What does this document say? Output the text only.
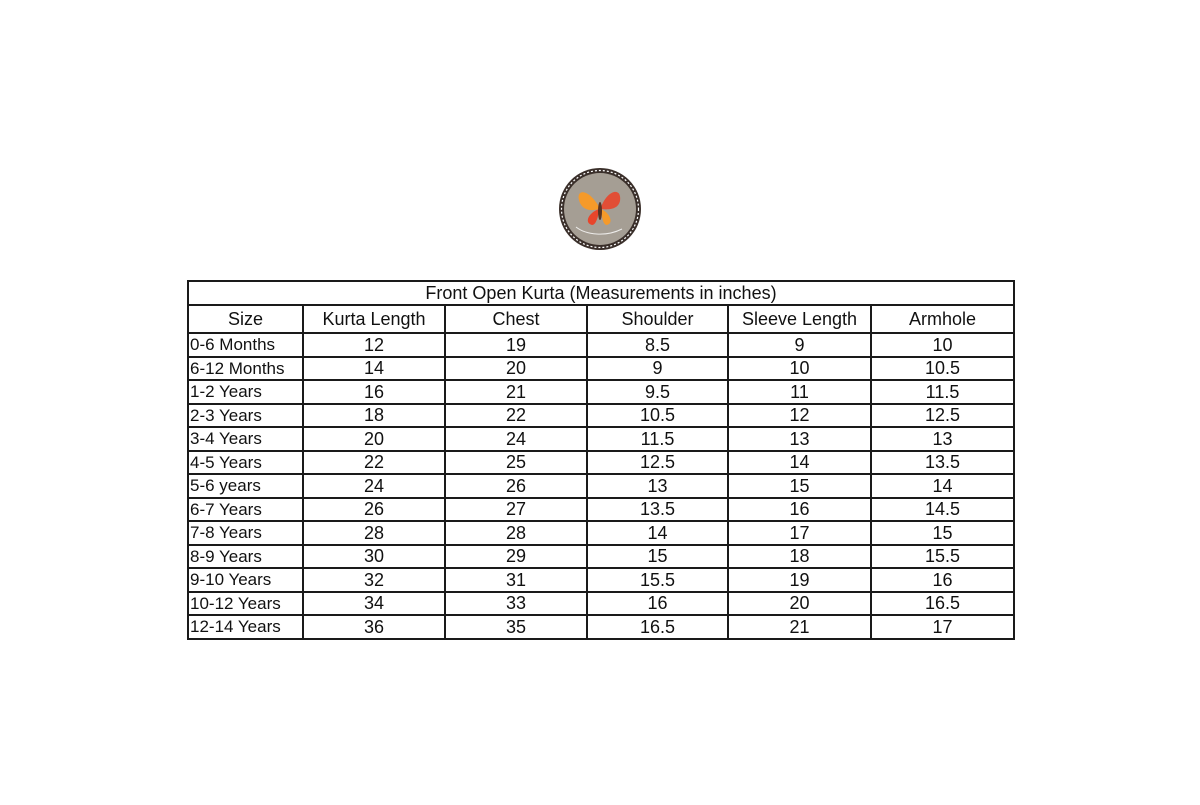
Front Open Kurta (Measurements in inches)					
Size	Kurta Length	Chest	Shoulder	Sleeve Length	Armhole
0-6 Months	12	19	8.5	9	10
6-12 Months	14	20	9	10	10.5
1-2 Years	16	21	9.5	11	11.5
2-3 Years	18	22	10.5	12	12.5
3-4 Years	20	24	11.5	13	13
4-5 Years	22	25	12.5	14	13.5
5-6 years	24	26	13	15	14
6-7 Years	26	27	13.5	16	14.5
7-8 Years	28	28	14	17	15
8-9 Years	30	29	15	18	15.5
9-10 Years	32	31	15.5	19	16
10-12 Years	34	33	16	20	16.5
12-14 Years	36	35	16.5	21	17
